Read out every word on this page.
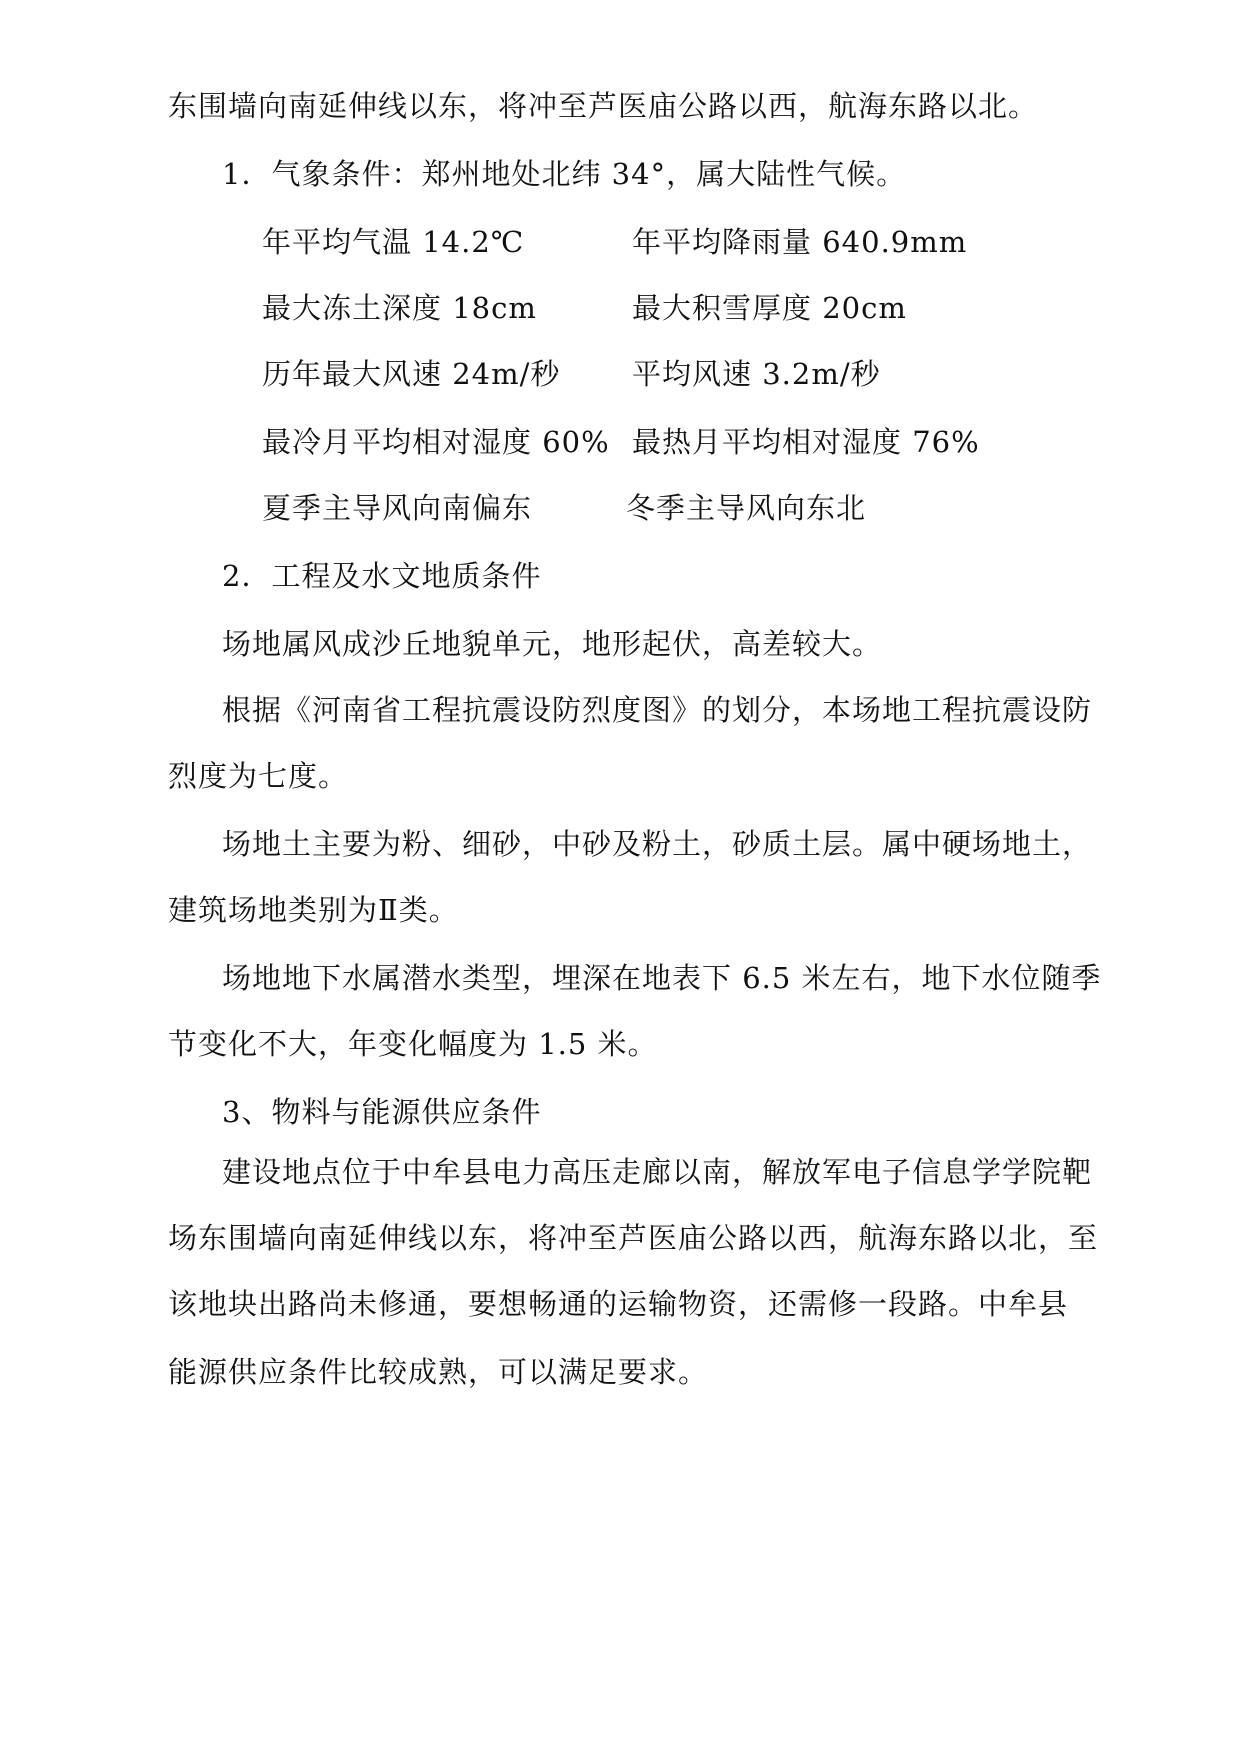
东围墙向南延伸线以东，将冲至芦医庙公路以西，航海东路以北。
1．气象条件：郑州地处北纬 34°，属大陆性气候。
年平均气温 14.2℃	年平均降雨量 640.9mm
最大冻土深度 18cm	最大积雪厚度 20cm
历年最大风速 24m/秒 平均风速 3.2m/秒
最冷月平均相对湿度 60% 最热月平均相对湿度 76%
夏季主导风向南偏东	冬季主导风向东北
2．工程及水文地质条件
场地属风成沙丘地貌单元，地形起伏，高差较大。
根据《河南省工程抗震设防烈度图》的划分，本场地工程抗震设防
烈度为七度。
场地土主要为粉、细砂，中砂及粉土，砂质土层。属中硬场地土，
建筑场地类别为Ⅱ类。
场地地下水属潜水类型，埋深在地表下 6.5 米左右，地下水位随季
节变化不大，年变化幅度为 1.5 米。
3、物料与能源供应条件
建设地点位于中牟县电力高压走廊以南，解放军电子信息学学院靶
场东围墙向南延伸线以东，将冲至芦医庙公路以西，航海东路以北，至
该地块出路尚未修通，要想畅通的运输物资，还需修一段路。中牟县
能源供应条件比较成熟，可以满足要求。
